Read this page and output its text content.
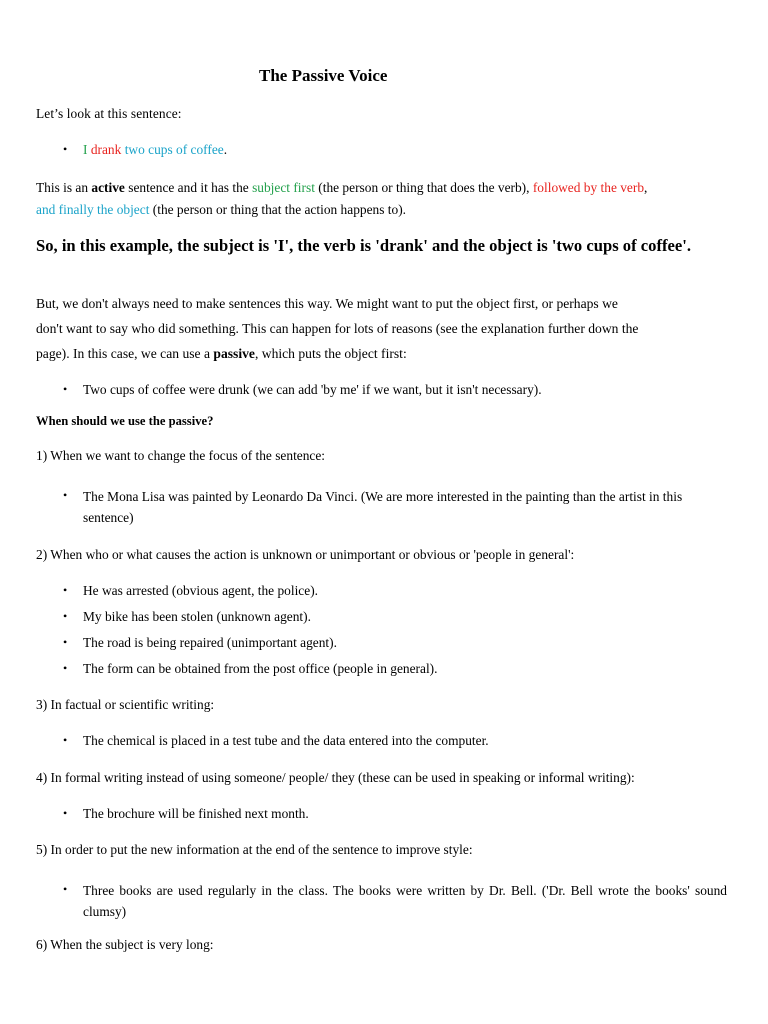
The Passive Voice
Let’s look at this sentence:
• I drank two cups of coffee.
This is an active sentence and it has the subject first (the person or thing that does the verb), followed by the verb,
and finally the object (the person or thing that the action happens to).
So, in this example, the subject is 'I', the verb is 'drank' and the object is 'two cups of coffee'.
But, we don't always need to make sentences this way. We might want to put the object first, or perhaps we
don't want to say who did something. This can happen for lots of reasons (see the explanation further down the
page). In this case, we can use a passive, which puts the object first:
• Two cups of coffee were drunk (we can add 'by me' if we want, but it isn't necessary).
When should we use the passive?
1) When we want to change the focus of the sentence:
• The Mona Lisa was painted by Leonardo Da Vinci. (We are more interested in the painting than the artist in this sentence)
2) When who or what causes the action is unknown or unimportant or obvious or 'people in general':
• He was arrested (obvious agent, the police).
• My bike has been stolen (unknown agent).
• The road is being repaired (unimportant agent).
• The form can be obtained from the post office (people in general).
3) In factual or scientific writing:
• The chemical is placed in a test tube and the data entered into the computer.
4) In formal writing instead of using someone/ people/ they (these can be used in speaking or informal writing):
• The brochure will be finished next month.
5) In order to put the new information at the end of the sentence to improve style:
• Three books are used regularly in the class. The books were written by Dr. Bell. ('Dr. Bell wrote the books' sound clumsy)
6) When the subject is very long:
